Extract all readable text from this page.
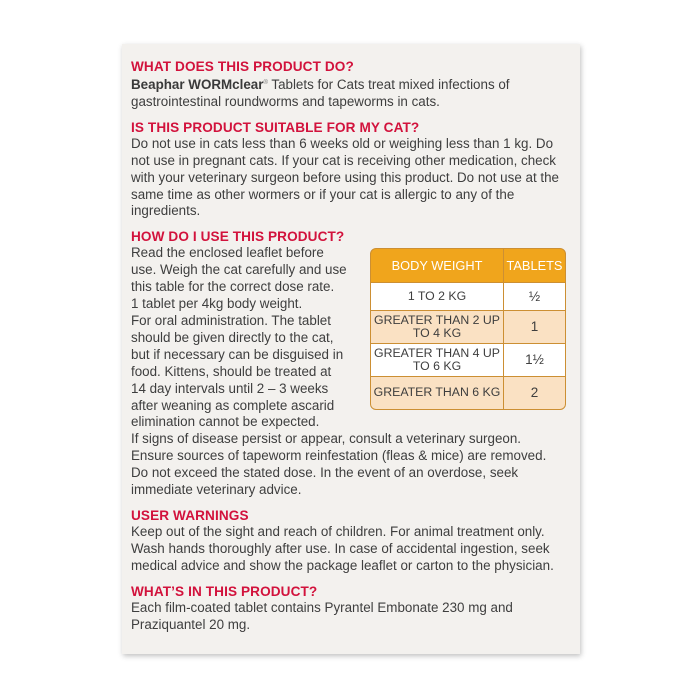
WHAT DOES THIS PRODUCT DO?

Beaphar WORMclear® Tablets for Cats treat mixed infections of gastrointestinal roundworms and tapeworms in cats.

IS THIS PRODUCT SUITABLE FOR MY CAT?

Do not use in cats less than 6 weeks old or weighing less than 1 kg. Do not use in pregnant cats. If your cat is receiving other medication, check with your veterinary surgeon before using this product. Do not use at the same time as other wormers or if your cat is allergic to any of the ingredients.

HOW DO I USE THIS PRODUCT?
Read the enclosed leaflet before
use. Weigh the cat carefully and use
this table for the correct dose rate.
1 tablet per 4kg body weight.
For oral administration. The tablet
should be given directly to the cat,
but if necessary can be disguised in
food. Kittens, should be treated at
14 day intervals until 2 – 3 weeks
after weaning as complete ascarid
elimination cannot be expected.

If signs of disease persist or appear, consult a veterinary surgeon. Ensure sources of tapeworm reinfestation (fleas & mice) are removed. Do not exceed the stated dose. In the event of an overdose, seek immediate veterinary advice.

USER WARNINGS

Keep out of the sight and reach of children. For animal treatment only. Wash hands thoroughly after use. In case of accidental ingestion, seek medical advice and show the package leaflet or carton to the physician.

WHAT’S IN THIS PRODUCT?

Each film-coated tablet contains Pyrantel Embonate 230 mg and Praziquantel 20 mg.

BODY WEIGHT	TABLETS
1 TO 2 KG	½
GREATER THAN 2 UP TO 4 KG	1
GREATER THAN 4 UP TO 6 KG	1½
GREATER THAN 6 KG	2
